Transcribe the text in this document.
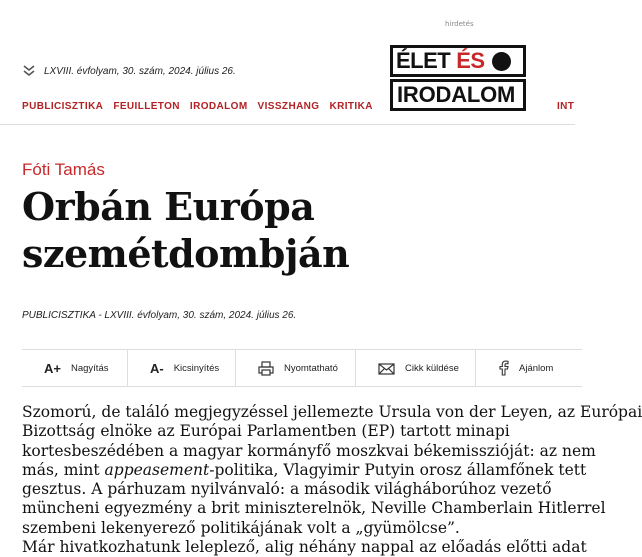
hirdetés
LXVIII. évfolyam, 30. szám, 2024. július 26.	ÉLET ÉS
IRODALOM
PUBLICISZTIKA FEUILLETON IRODALOM VISSZHANG KRITIKA	INT
Fóti Tamás
Orbán Európa
szemétdombján
PUBLICISZTIKA - LXVIII. évfolyam, 30. szám, 2024. július 26.
A+ Nagyítás	A- Kicsinyítés	Nyomtatható	Cikk küldése	Ajánlom

Szomorú, de találó megjegyzéssel jellemezte Ursula von der Leyen, az Európai

Bizottság elnöke az Európai Parlamentben (EP) tartott minapi

kortesbeszédében a magyar kormányfő moszkvai békemisszióját: az nem

más, mint appeasement-politika, Vlagyimir Putyin orosz államfőnek tett

gesztus. A párhuzam nyilvánvaló: a második világháborúhoz vezető

müncheni egyezmény a brit miniszterelnök, Neville Chamberlain Hitlerrel

szembeni lekenyerező politikájának volt a „gyümölcse”.

Már hivatkozhatunk leleplező, alig néhány nappal az előadás előtti adat
